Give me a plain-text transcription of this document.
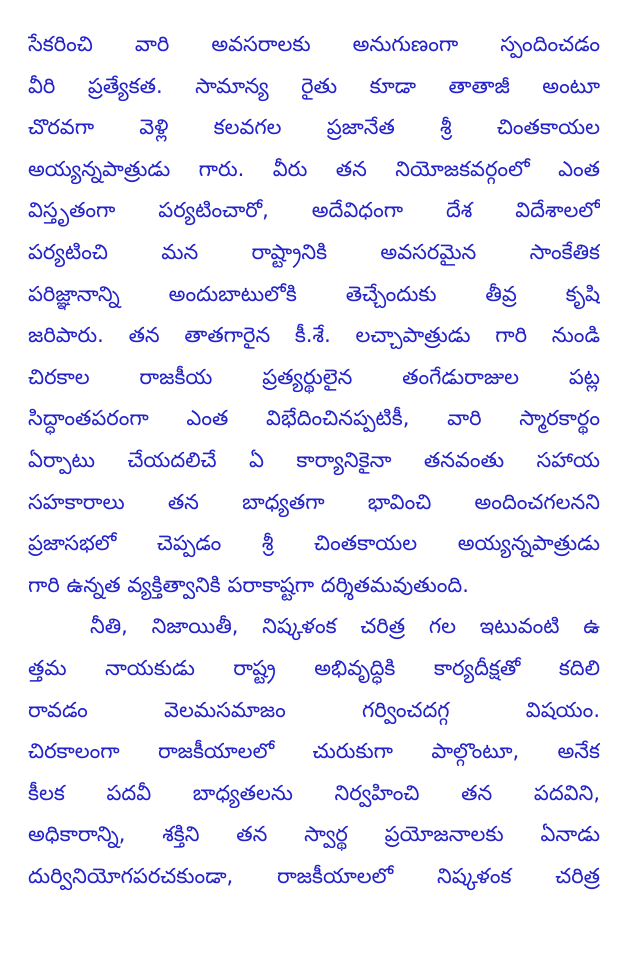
సేకరించి వారి అవసరాలకు అనుగుణంగా స్పందించడం

వీరి ప్రత్యేకత. సామాన్య రైతు కూడా తాతాజీ అంటూ

చొరవగా వెళ్లి కలవగల ప్రజానేత శ్రీ చింతకాయల

అయ్యన్నపాత్రుడు గారు. వీరు తన నియోజకవర్గంలో ఎంత

విస్తృతంగా పర్యటించారో, అదేవిధంగా దేశ విదేశాలలో

పర్యటించి మన రాష్ట్రానికి అవసరమైన సాంకేతిక

పరిజ్ఞానాన్ని అందుబాటులోకి తెచ్చేందుకు తీవ్ర కృషి

జరిపారు. తన తాతగారైన కీ.శే. లచ్చాపాత్రుడు గారి నుండి

చిరకాల రాజకీయ ప్రత్యర్థులైన తంగేడురాజుల పట్ల

సిద్ధాంతపరంగా ఎంత విభేదించినప్పటికీ, వారి స్మారకార్థం

ఏర్పాటు చేయదలిచే ఏ కార్యానికైనా తనవంతు సహాయ

సహకారాలు తన బాధ్యతగా భావించి అందించగలనని

ప్రజాసభలో చెప్పడం శ్రీ చింతకాయల అయ్యన్నపాత్రుడు

గారి ఉన్నత వ్యక్తిత్వానికి పరాకాష్టగా దర్శితమవుతుంది.

నీతి, నిజాయితీ, నిష్కళంక చరిత్ర గల ఇటువంటి ఉ

త్తమ నాయకుడు రాష్ట్ర అభివృద్ధికి కార్యదీక్షతో కదిలి

రావడం వెలమసమాజం గర్వించదగ్గ విషయం.

చిరకాలంగా రాజకీయాలలో చురుకుగా పాల్గొంటూ, అనేక

కీలక పదవీ బాధ్యతలను నిర్వహించి తన పదవిని,

అధికారాన్ని, శక్తిని తన స్వార్థ ప్రయోజనాలకు ఏనాడు

దుర్వినియోగపరచకుండా, రాజకీయాలలో నిష్కళంక చరిత్ర
